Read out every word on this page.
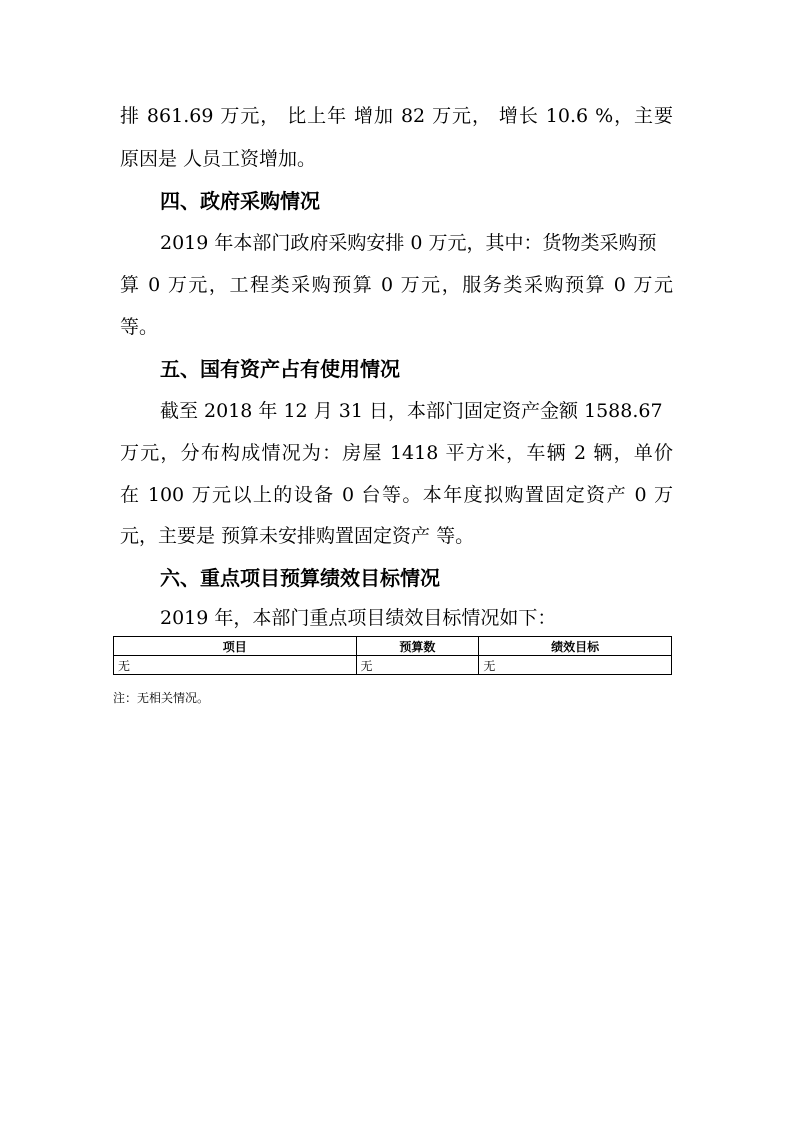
排 861.69 万元， 比上年 增加 82 万元， 增长 10.6 %，主要
原因是 人员工资增加。
四、政府采购情况
2019 年本部门政府采购安排 0 万元，其中：货物类采购预
算 0 万元，工程类采购预算 0 万元，服务类采购预算 0 万元
等。
五、国有资产占有使用情况
截至 2018 年 12 月 31 日，本部门固定资产金额 1588.67
万元，分布构成情况为：房屋 1418 平方米，车辆 2 辆，单价
在 100 万元以上的设备 0 台等。本年度拟购置固定资产 0 万
元，主要是 预算未安排购置固定资产 等。
六、重点项目预算绩效目标情况
2019 年，本部门重点项目绩效目标情况如下：
项目	预算数	绩效目标
无	无	无
注：无相关情况。
